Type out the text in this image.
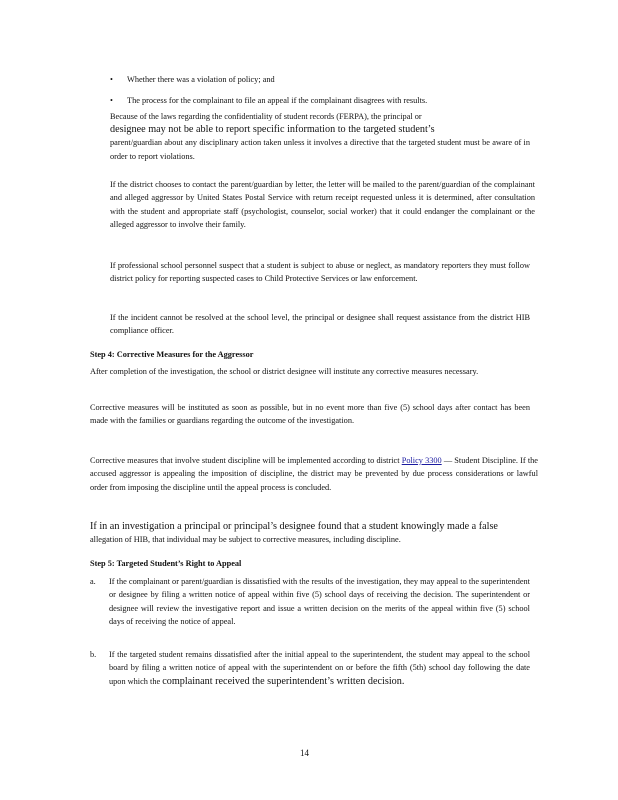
• Whether there was a violation of policy; and
• The process for the complainant to file an appeal if the complainant disagrees with results.

Because of the laws regarding the confidentiality of student records (FERPA), the principal or

designee may not be able to report specific information to the targeted student’s

parent/guardian about any disciplinary action taken unless it involves a directive that the targeted student must be aware of in order to report violations.

If the district chooses to contact the parent/guardian by letter, the letter will be mailed to the parent/guardian of the complainant and alleged aggressor by United States Postal Service with return receipt requested unless it is determined, after consultation with the student and appropriate staff (psychologist, counselor, social worker) that it could endanger the complainant or the alleged aggressor to involve their family.

If professional school personnel suspect that a student is subject to abuse or neglect, as mandatory reporters they must follow district policy for reporting suspected cases to Child Protective Services or law enforcement.

If the incident cannot be resolved at the school level, the principal or designee shall request assistance from the district HIB compliance officer.

Step 4: Corrective Measures for the Aggressor

After completion of the investigation, the school or district designee will institute any corrective measures necessary.

Corrective measures will be instituted as soon as possible, but in no event more than five (5) school days after contact has been made with the families or guardians regarding the outcome of the investigation.

Corrective measures that involve student discipline will be implemented according to district Policy 3300 — Student Discipline. If the accused aggressor is appealing the imposition of discipline, the district may be prevented by due process considerations or lawful order from imposing the discipline until the appeal process is concluded.

If in an investigation a principal or principal’s designee found that a student knowingly made a false

allegation of HIB, that individual may be subject to corrective measures, including discipline.

Step 5: Targeted Student’s Right to Appeal
a. If the complainant or parent/guardian is dissatisfied with the results of the investigation, they may appeal to the superintendent or designee by filing a written notice of appeal within five (5) school days of receiving the decision. The superintendent or designee will review the investigative report and issue a written decision on the merits of the appeal within five (5) school days of receiving the notice of appeal.
b. If the targeted student remains dissatisfied after the initial appeal to the superintendent, the student may appeal to the school board by filing a written notice of appeal with the superintendent on or before the fifth (5th) school day following the date upon which the complainant received the superintendent’s written decision.
14
